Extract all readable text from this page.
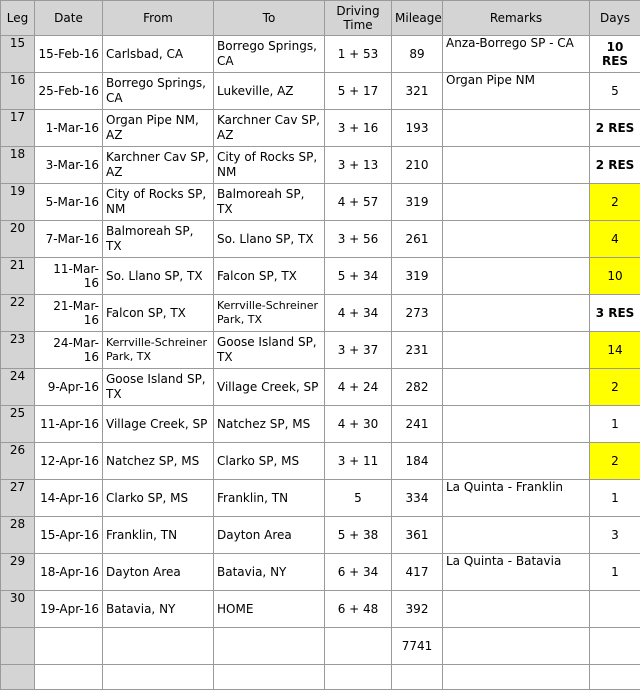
Leg	Date	From	To	Driving Time	Mileage	Remarks	Days
15	15-Feb-16	Carlsbad, CA	Borrego Springs, CA	1 + 53	89	Anza-Borrego SP - CA	10 RES
16	25-Feb-16	Borrego Springs, CA	Lukeville, AZ	5 + 17	321	Organ Pipe NM	5
17	1-Mar-16	Organ Pipe NM, AZ	Karchner Cav SP, AZ	3 + 16	193		2 RES
18	3-Mar-16	Karchner Cav SP, AZ	City of Rocks SP, NM	3 + 13	210		2 RES
19	5-Mar-16	City of Rocks SP, NM	Balmoreah SP, TX	4 + 57	319		2
20	7-Mar-16	Balmoreah SP, TX	So. Llano SP, TX	3 + 56	261		4
21	11-Mar-16	So. Llano SP, TX	Falcon SP, TX	5 + 34	319		10
22	21-Mar-16	Falcon SP, TX	Kerrville-Schreiner Park, TX	4 + 34	273		3 RES
23	24-Mar-16	Kerrville-Schreiner Park, TX	Goose Island SP, TX	3 + 37	231		14
24	9-Apr-16	Goose Island SP, TX	Village Creek, SP	4 + 24	282		2
25	11-Apr-16	Village Creek, SP	Natchez SP, MS	4 + 30	241		1
26	12-Apr-16	Natchez SP, MS	Clarko SP, MS	3 + 11	184		2
27	14-Apr-16	Clarko SP, MS	Franklin, TN	5	334	La Quinta - Franklin	1
28	15-Apr-16	Franklin, TN	Dayton Area	5 + 38	361		3
29	18-Apr-16	Dayton Area	Batavia, NY	6 + 34	417	La Quinta - Batavia	1
30	19-Apr-16	Batavia, NY	HOME	6 + 48	392		
					7741		
